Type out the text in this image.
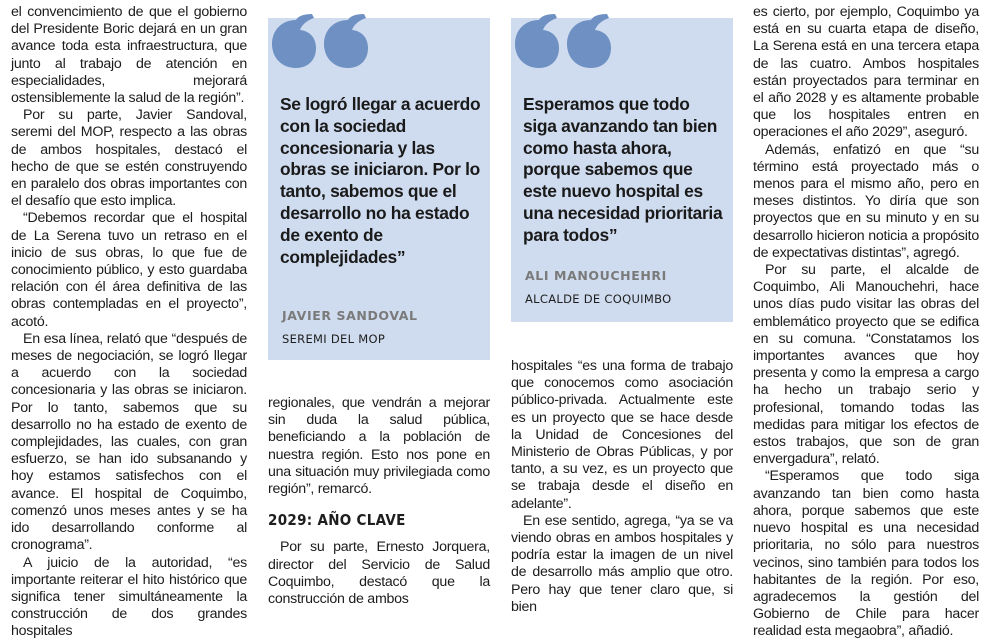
el convencimiento de que el gobierno del Presidente Boric dejará en un gran avance toda esta infraestructura, que junto al trabajo de atención en especialidades, mejorará ostensiblemente la salud de la región”.

Por su parte, Javier Sandoval, seremi del MOP, respecto a las obras de ambos hospitales, destacó el hecho de que se estén construyendo en paralelo dos obras importantes con el desafío que esto implica.

“Debemos recordar que el hospital de La Serena tuvo un retraso en el inicio de sus obras, lo que fue de conocimiento público, y esto guardaba relación con él área definitiva de las obras contempladas en el proyecto”, acotó.

En esa línea, relató que “después de meses de negociación, se logró llegar a acuerdo con la sociedad concesionaria y las obras se iniciaron. Por lo tanto, sabemos que su desarrollo no ha estado de exento de complejidades, las cuales, con gran esfuerzo, se han ido subsanando y hoy estamos satisfechos con el avance. El hospital de Coquimbo, comenzó unos meses antes y se ha ido desarrollando conforme al cronograma”.

A juicio de la autoridad, “es importante reiterar el hito histórico que significa tener simultáneamente la construcción de dos grandes hospitales

Se logró llegar a acuerdo con la sociedad concesionaria y las obras se iniciaron. Por lo tanto, sabemos que el desarrollo no ha estado de exento de complejidades”
JAVIER SANDOVAL
SEREMI DEL MOP

regionales, que vendrán a mejorar sin duda la salud pública, beneficiando a la población de nuestra región. Esto nos pone en una situación muy privilegiada como región”, remarcó.

2029: AÑO CLAVE

Por su parte, Ernesto Jorquera, director del Servicio de Salud Coquimbo, destacó que la construcción de ambos

Esperamos que todo siga avanzando tan bien como hasta ahora, porque sabemos que este nuevo hospital es una necesidad prioritaria para todos”
ALI MANOUCHEHRI
ALCALDE DE COQUIMBO

hospitales “es una forma de trabajo que conocemos como asociación público-privada. Actualmente este es un proyecto que se hace desde la Unidad de Concesiones del Ministerio de Obras Públicas, y por tanto, a su vez, es un proyecto que se trabaja desde el diseño en adelante”.

En ese sentido, agrega, “ya se va viendo obras en ambos hospitales y podría estar la imagen de un nivel de desarrollo más amplio que otro. Pero hay que tener claro que, si bien

es cierto, por ejemplo, Coquimbo ya está en su cuarta etapa de diseño, La Serena está en una tercera etapa de las cuatro. Ambos hospitales están proyectados para terminar en el año 2028 y es altamente probable que los hospitales entren en operaciones el año 2029”, aseguró.

Además, enfatizó en que “su término está proyectado más o menos para el mismo año, pero en meses distintos. Yo diría que son proyectos que en su minuto y en su desarrollo hicieron noticia a propósito de expectativas distintas”, agregó.

Por su parte, el alcalde de Coquimbo, Ali Manouchehri, hace unos días pudo visitar las obras del emblemático proyecto que se edifica en su comuna. “Constatamos los importantes avances que hoy presenta y como la empresa a cargo ha hecho un trabajo serio y profesional, tomando todas las medidas para mitigar los efectos de estos trabajos, que son de gran envergadura”, relató.

“Esperamos que todo siga avanzando tan bien como hasta ahora, porque sabemos que este nuevo hospital es una necesidad prioritaria, no sólo para nuestros vecinos, sino también para todos los habitantes de la región. Por eso, agradecemos la gestión del Gobierno de Chile para hacer realidad esta megaobra”, añadió.
